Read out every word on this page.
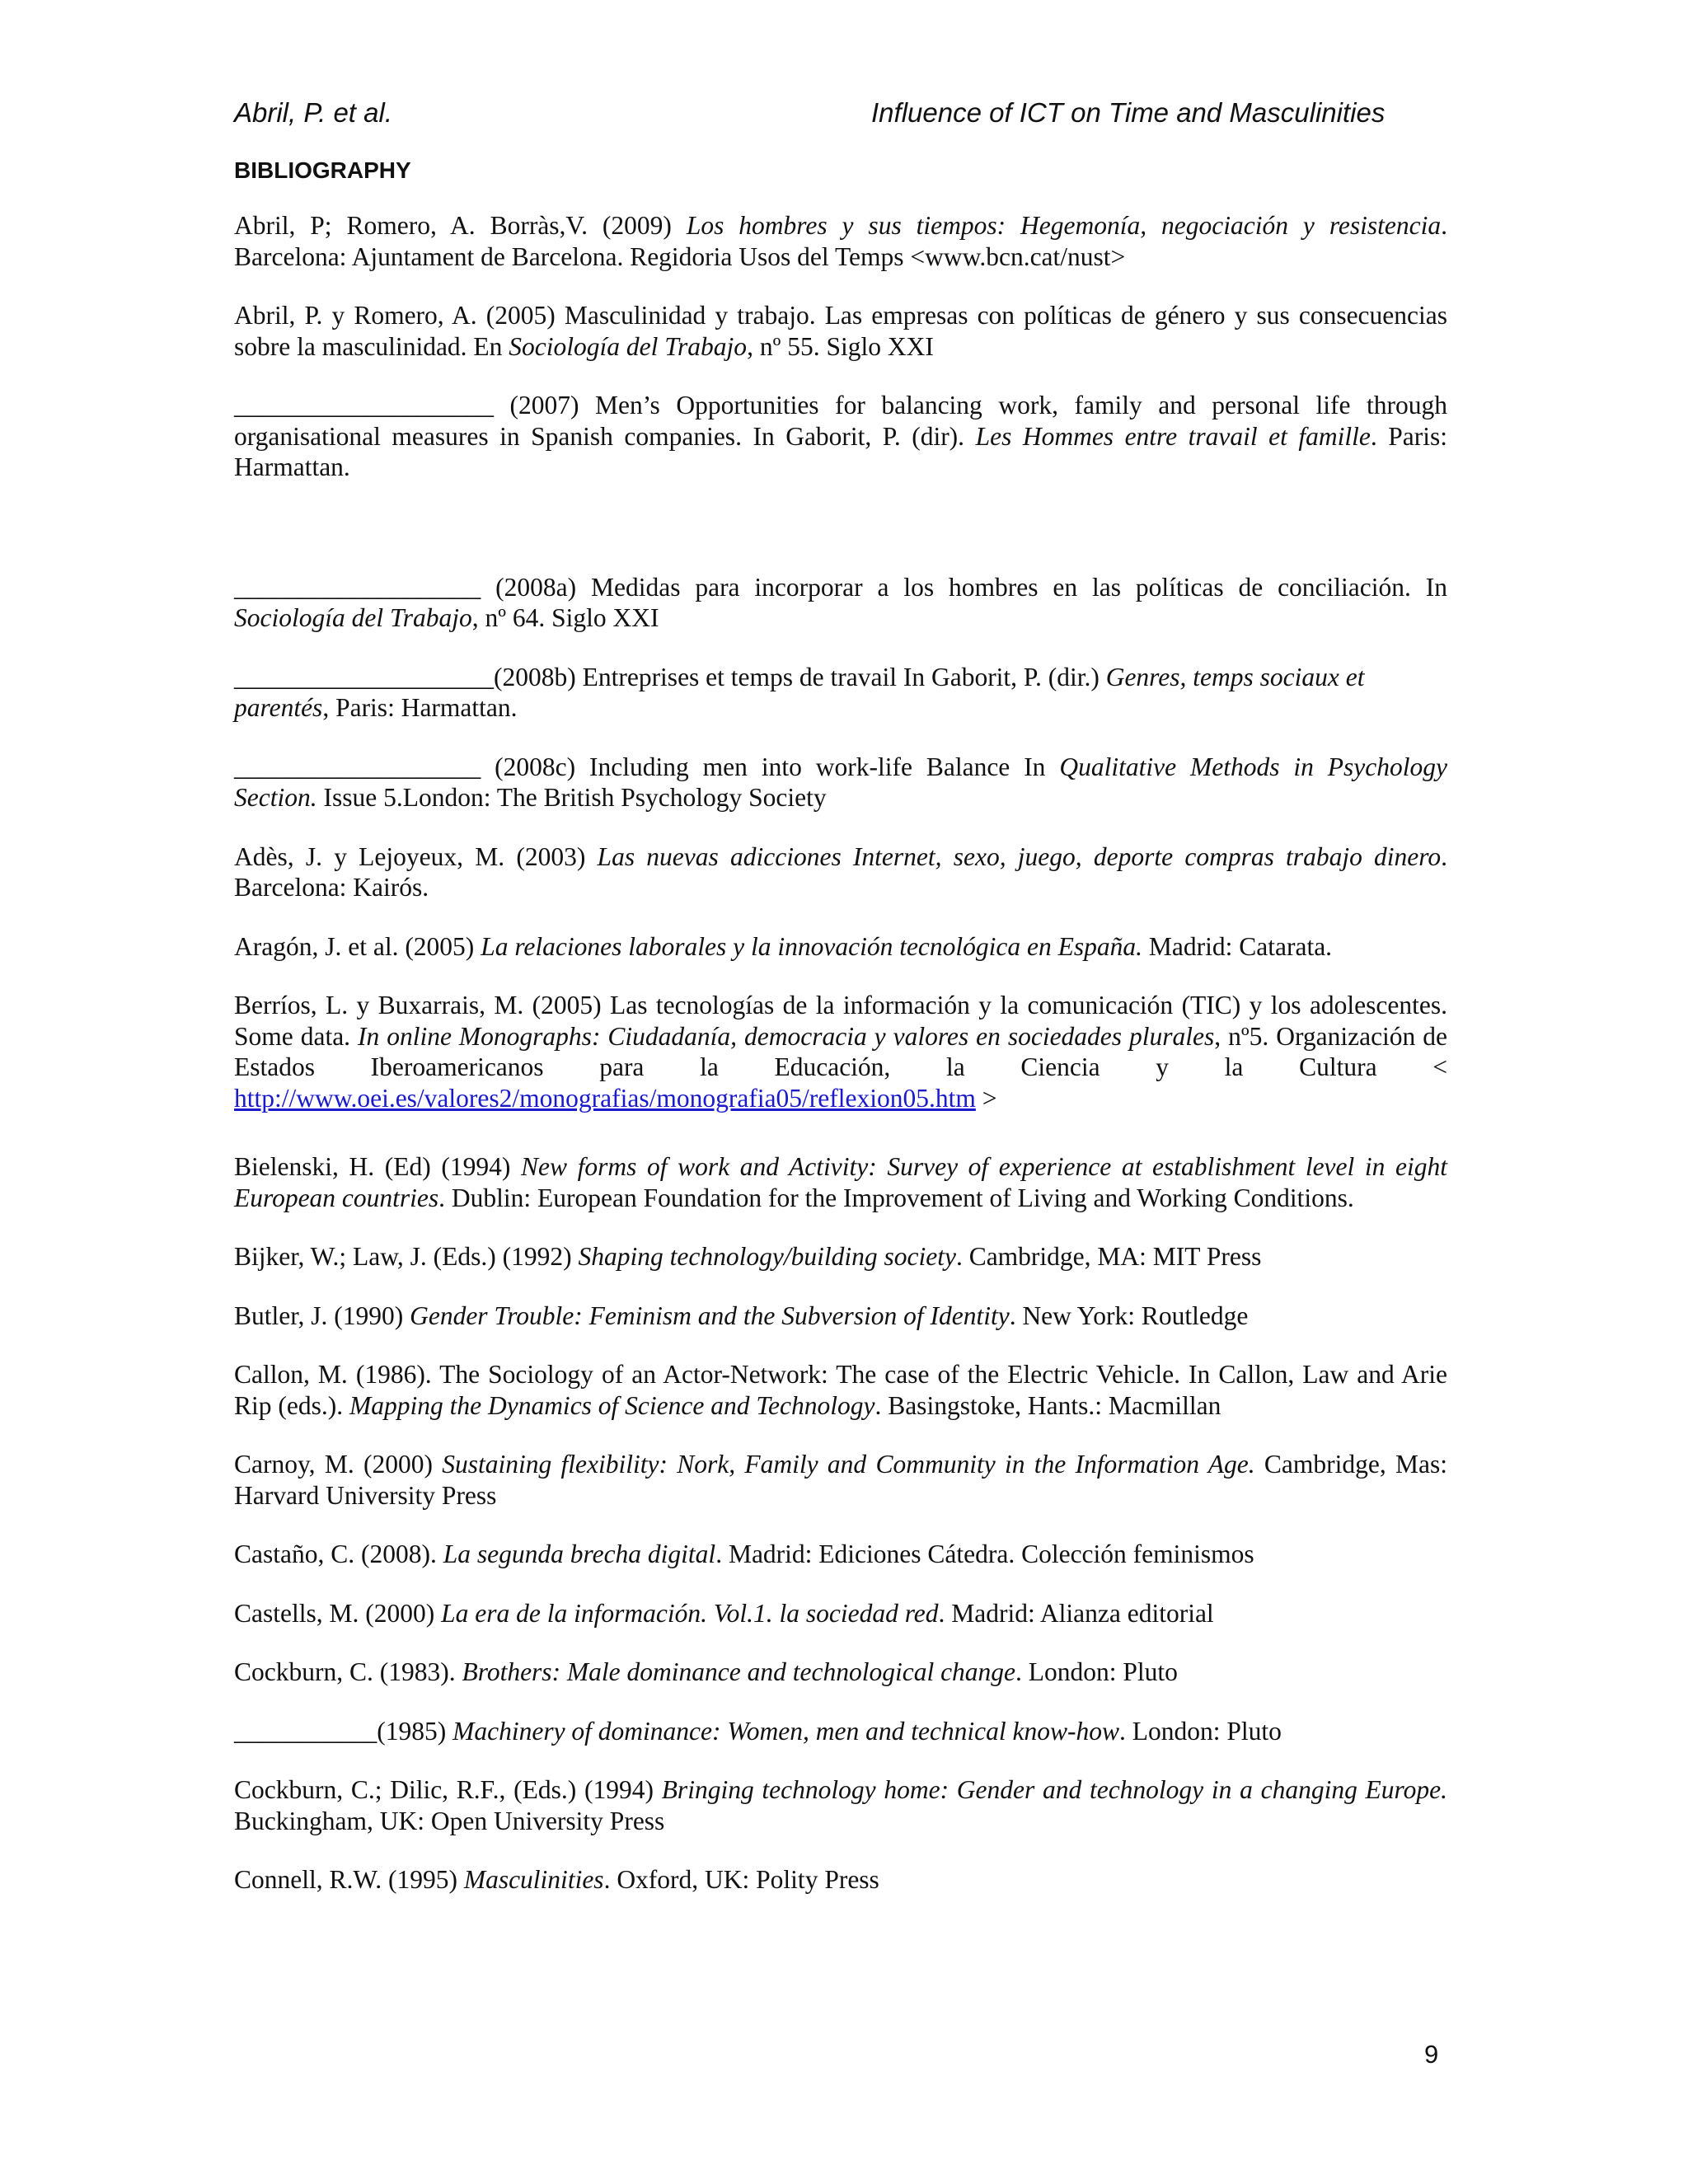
Abril, P. et al.	Influence of ICT on Time and Masculinities
BIBLIOGRAPHY

Abril, P; Romero, A. Borràs,V. (2009) Los hombres y sus tiempos: Hegemonía, negociación y resistencia. Barcelona: Ajuntament de Barcelona. Regidoria Usos del Temps <www.bcn.cat/nust>

Abril, P. y Romero, A. (2005) Masculinidad y trabajo. Las empresas con políticas de género y sus consecuencias sobre la masculinidad. En Sociología del Trabajo, nº 55. Siglo XXI

____________________ (2007) Men’s Opportunities for balancing work, family and personal life through organisational measures in Spanish companies. In Gaborit, P. (dir). Les Hommes entre travail et famille. Paris: Harmattan.

___________________ (2008a) Medidas para incorporar a los hombres en las políticas de conciliación. In Sociología del Trabajo, nº 64. Siglo XXI

____________________(2008b) Entreprises et temps de travail In Gaborit, P. (dir.) Genres, temps sociaux et parentés, Paris: Harmattan.

___________________ (2008c) Including men into work-life Balance In Qualitative Methods in Psychology Section. Issue 5.London: The British Psychology Society

Adès, J. y Lejoyeux, M. (2003) Las nuevas adicciones Internet, sexo, juego, deporte compras trabajo dinero. Barcelona: Kairós.

Aragón, J. et al. (2005) La relaciones laborales y la innovación tecnológica en España. Madrid: Catarata.

Berríos, L. y Buxarrais, M. (2005) Las tecnologías de la información y la comunicación (TIC) y los adolescentes. Some data. In online Monographs: Ciudadanía, democracia y valores en sociedades plurales, nº5. Organización de Estados Iberoamericanos para la Educación, la Ciencia y la Cultura < http://www.oei.es/valores2/monografias/monografia05/reflexion05.htm >

Bielenski, H. (Ed) (1994) New forms of work and Activity: Survey of experience at establishment level in eight European countries. Dublin: European Foundation for the Improvement of Living and Working Conditions.

Bijker, W.; Law, J. (Eds.) (1992) Shaping technology/building society. Cambridge, MA: MIT Press

Butler, J. (1990) Gender Trouble: Feminism and the Subversion of Identity. New York: Routledge

Callon, M. (1986). The Sociology of an Actor-Network: The case of the Electric Vehicle. In Callon, Law and Arie Rip (eds.). Mapping the Dynamics of Science and Technology. Basingstoke, Hants.: Macmillan

Carnoy, M. (2000) Sustaining flexibility: Nork, Family and Community in the Information Age. Cambridge, Mas: Harvard University Press

Castaño, C. (2008). La segunda brecha digital. Madrid: Ediciones Cátedra. Colección feminismos

Castells, M. (2000) La era de la información. Vol.1. la sociedad red. Madrid: Alianza editorial

Cockburn, C. (1983). Brothers: Male dominance and technological change. London: Pluto

___________(1985) Machinery of dominance: Women, men and technical know-how. London: Pluto

Cockburn, C.; Dilic, R.F., (Eds.) (1994) Bringing technology home: Gender and technology in a changing Europe. Buckingham, UK: Open University Press

Connell, R.W. (1995) Masculinities. Oxford, UK: Polity Press

9
